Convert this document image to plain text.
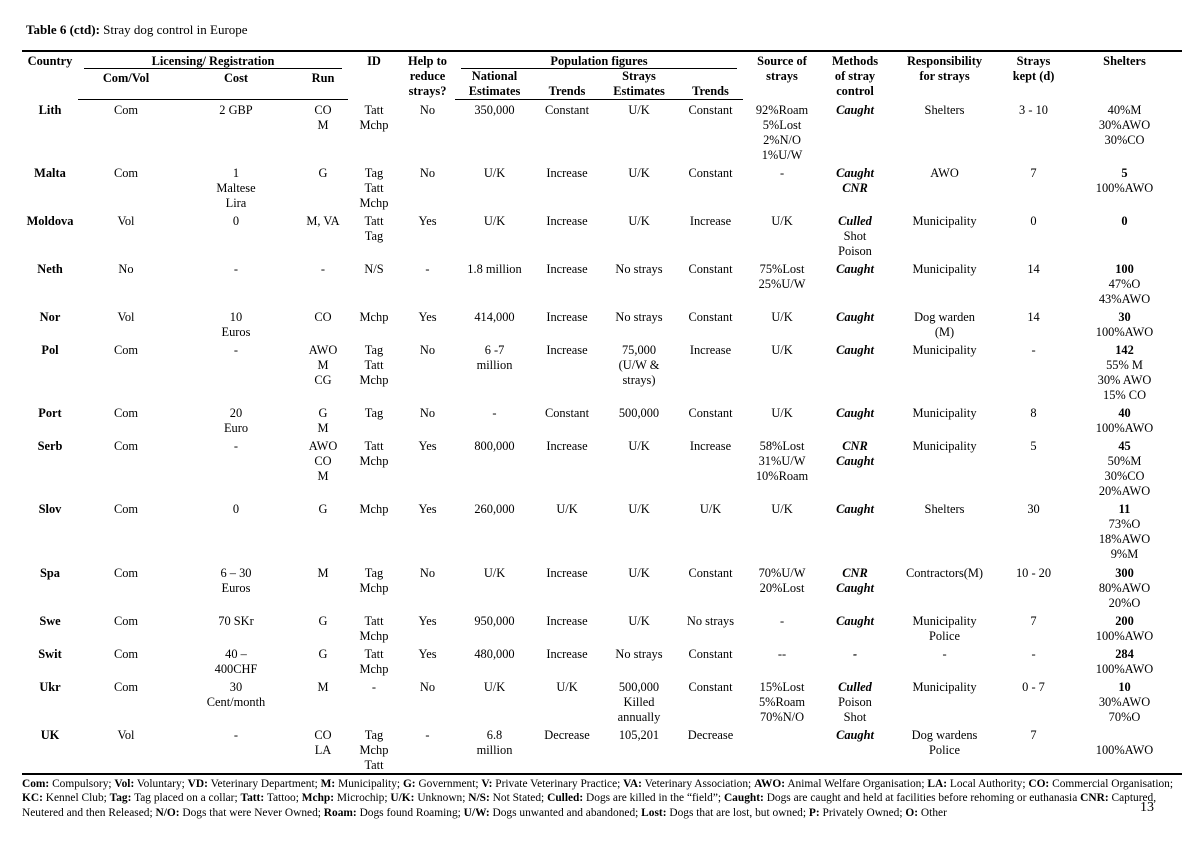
Table 6 (ctd): Stray dog control in Europe
Country	Licensing/ Registration			ID	Help to
reduce
strays?	Population figures				Source of
strays	Methods
of stray
control	Responsibility
for strays	Strays
kept (d)	Shelters
	Com/Vol	Cost	Run			National
Estimates	Trends	Strays
Estimates	Trends					
Lith	Com	2 GBP	CO
M	Tatt
Mchp	No	350,000	Constant	U/K	Constant	92%Roam
5%Lost
2%N/O
1%U/W	Caught	Shelters	3 - 10	40%M
30%AWO
30%CO

Malta	Com	1
Maltese
Lira	G	Tag
Tatt
Mchp	No	U/K	Increase	U/K	Constant	-	Caught
CNR	AWO	7	5
100%AWO

Moldova	Vol	0	M, VA	Tatt
Tag	Yes	U/K	Increase	U/K	Increase	U/K	Culled
Shot
Poison	Municipality	0	0

Neth	No	-	-	N/S	-	1.8 million	Increase	No strays	Constant	75%Lost
25%U/W	Caught	Municipality	14	100
47%O
43%AWO

Nor	Vol	10
Euros	CO	Mchp	Yes	414,000	Increase	No strays	Constant	U/K	Caught	Dog warden
(M)	14	30
100%AWO

Pol	Com	-	AWO
M
CG	Tag
Tatt
Mchp	No	6 -7
million	Increase	75,000
(U/W &
strays)	Increase	U/K	Caught	Municipality	-	142
55% M
30% AWO
15% CO

Port	Com	20
Euro	G
M	Tag	No	-	Constant	500,000	Constant	U/K	Caught	Municipality	8	40
100%AWO

Serb	Com	-	AWO
CO
M	Tatt
Mchp	Yes	800,000	Increase	U/K	Increase	58%Lost
31%U/W
10%Roam	CNR
Caught	Municipality	5	45
50%M
30%CO
20%AWO

Slov	Com	0	G	Mchp	Yes	260,000	U/K	U/K	U/K	U/K	Caught	Shelters	30	11
73%O
18%AWO
9%M

Spa	Com	6 – 30
Euros	M	Tag
Mchp	No	U/K	Increase	U/K	Constant	70%U/W
20%Lost	CNR
Caught	Contractors(M)	10 - 20	300
80%AWO
20%O

Swe	Com	70 SKr	G	Tatt
Mchp	Yes	950,000	Increase	U/K	No strays	-	Caught	Municipality
Police	7	200
100%AWO

Swit	Com	40 –
400CHF	G	Tatt
Mchp	Yes	480,000	Increase	No strays	Constant	--	-	-	-	284
100%AWO

Ukr	Com	30
Cent/month	M	-	No	U/K	U/K	500,000
Killed
annually	Constant	15%Lost
5%Roam
70%N/O	Culled
Poison
Shot	Municipality	0 - 7	10
30%AWO
70%O

UK	Vol	-	CO
LA	Tag
Mchp
Tatt	-	6.8
million	Decrease	105,201	Decrease		Caught	Dog wardens
Police	7	100%AWO
Com: Compulsory; Vol: Voluntary; VD: Veterinary Department; M: Municipality; G: Government; V: Private Veterinary Practice; VA: Veterinary Association; AWO: Animal Welfare Organisation; LA: Local Authority; CO: Commercial Organisation; KC: Kennel Club; Tag: Tag placed on a collar; Tatt: Tattoo; Mchp: Microchip; U/K: Unknown; N/S: Not Stated; Culled: Dogs are killed in the “field”; Caught: Dogs are caught and held at facilities before rehoming or euthanasia CNR: Captured, Neutered and then Released; N/O: Dogs that were Never Owned; Roam: Dogs found Roaming; U/W: Dogs unwanted and abandoned; Lost: Dogs that are lost, but owned; P: Privately Owned; O: Other	13
